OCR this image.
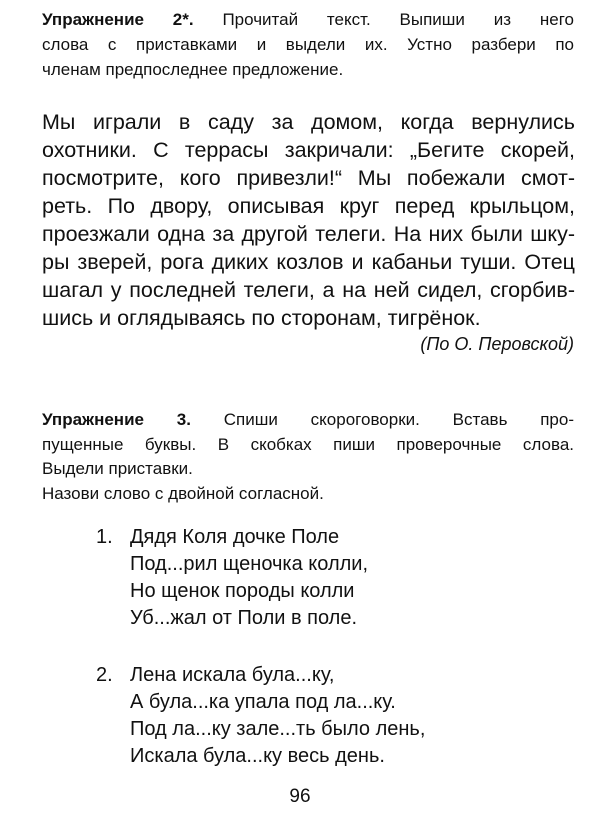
Упражнение 2*. Прочитай текст. Выпиши из него

слова с приставками и выдели их. Устно разбери по

членам предпоследнее предложение.

Мы играли в саду за домом, когда вернулись

охотники. С террасы закричали: „Бегите скорей,

посмотрите, кого привезли!“ Мы побежали смот-

реть. По двору, описывая круг перед крыльцом,

проезжали одна за другой телеги. На них были шку-

ры зверей, рога диких козлов и кабаньи туши. Отец

шагал у последней телеги, а на ней сидел, сгорбив-

шись и оглядываясь по сторонам, тигрёнок.

(По О. Перовской)

Упражнение 3. Спиши скороговорки. Вставь про-

пущенные буквы. В скобках пиши проверочные слова.

Выдели приставки.

Назови слово с двойной согласной.

1. Дядя Коля дочке Поле

Под...рил щеночка колли,

Но щенок породы колли

Уб...жал от Поли в поле.

2. Лена искала була...ку,

А була...ка упала под ла...ку.

Под ла...ку зале...ть было лень,

Искала була...ку весь день.

96
